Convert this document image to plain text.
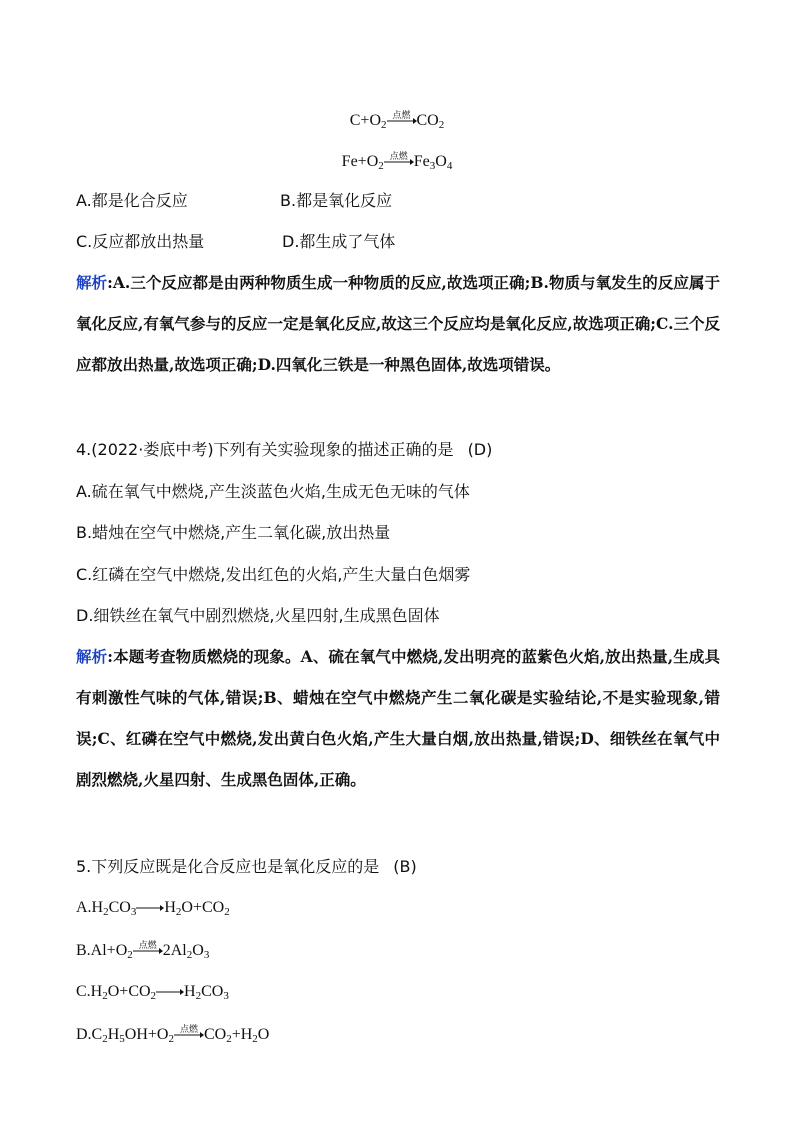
$C+O_2$
点燃 $CO_2$
$Fe+O_2$
点燃 $Fe_3O_4$
A.都是化合反应	B.都是氧化反应
C.反应都放出热量	D.都生成了气体
解析:A.三个反应都是由两种物质生成一种物质的反应,故选项正确;B.物质与氧发生的反应属于氧化反应,有氧气参与的反应一定是氧化反应,故这三个反应均是氧化反应,故选项正确;C.三个反应都放出热量,故选项正确;D.四氧化三铁是一种黑色固体,故选项错误。
4.(2022·娄底中考)下列有关实验现象的描述正确的是 (D)
A.硫在氧气中燃烧,产生淡蓝色火焰,生成无色无味的气体
B.蜡烛在空气中燃烧,产生二氧化碳,放出热量
C.红磷在空气中燃烧,发出红色的火焰,产生大量白色烟雾
D.细铁丝在氧气中剧烈燃烧,火星四射,生成黑色固体
解析:本题考查物质燃烧的现象。A、硫在氧气中燃烧,发出明亮的蓝紫色火焰,放出热量,生成具有刺激性气味的气体,错误;B、蜡烛在空气中燃烧产生二氧化碳是实验结论,不是实验现象,错误;C、红磷在空气中燃烧,发出黄白色火焰,产生大量白烟,放出热量,错误;D、细铁丝在氧气中剧烈燃烧,火星四射、生成黑色固体,正确。
5.下列反应既是化合反应也是氧化反应的是 (B)
$A.H_2CO_3$ $H_2O+CO_2$
$B.Al+O_2$
点燃 $2Al_2O_3$
$C.H_2O+CO_2$ $H_2CO_3$
$D.C_2H_5OH+O_2$
点燃 $CO_2+H_2O$
